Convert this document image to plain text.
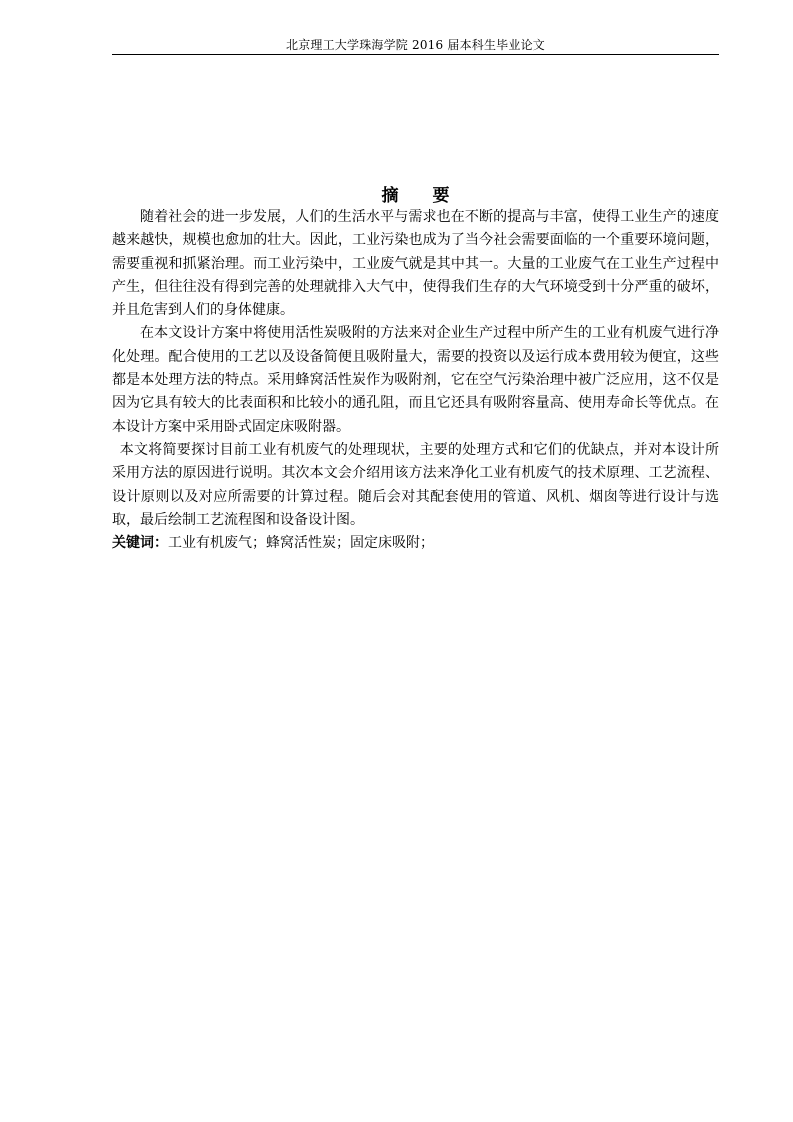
北京理工大学珠海学院 2016 届本科生毕业论文
摘 要

随着社会的进一步发展，人们的生活水平与需求也在不断的提高与丰富，使得工业生产的速度越来越快，规模也愈加的壮大。因此，工业污染也成为了当今社会需要面临的一个重要环境问题，需要重视和抓紧治理。而工业污染中，工业废气就是其中其一。大量的工业废气在工业生产过程中产生，但往往没有得到完善的处理就排入大气中，使得我们生存的大气环境受到十分严重的破坏，并且危害到人们的身体健康。

在本文设计方案中将使用活性炭吸附的方法来对企业生产过程中所产生的工业有机废气进行净化处理。配合使用的工艺以及设备简便且吸附量大，需要的投资以及运行成本费用较为便宜，这些都是本处理方法的特点。采用蜂窝活性炭作为吸附剂，它在空气污染治理中被广泛应用，这不仅是因为它具有较大的比表面积和比较小的通孔阻，而且它还具有吸附容量高、使用寿命长等优点。在本设计方案中采用卧式固定床吸附器。

本文将简要探讨目前工业有机废气的处理现状，主要的处理方式和它们的优缺点，并对本设计所采用方法的原因进行说明。其次本文会介绍用该方法来净化工业有机废气的技术原理、工艺流程、设计原则以及对应所需要的计算过程。随后会对其配套使用的管道、风机、烟囱等进行设计与选取，最后绘制工艺流程图和设备设计图。

关键词：工业有机废气；蜂窝活性炭；固定床吸附；
